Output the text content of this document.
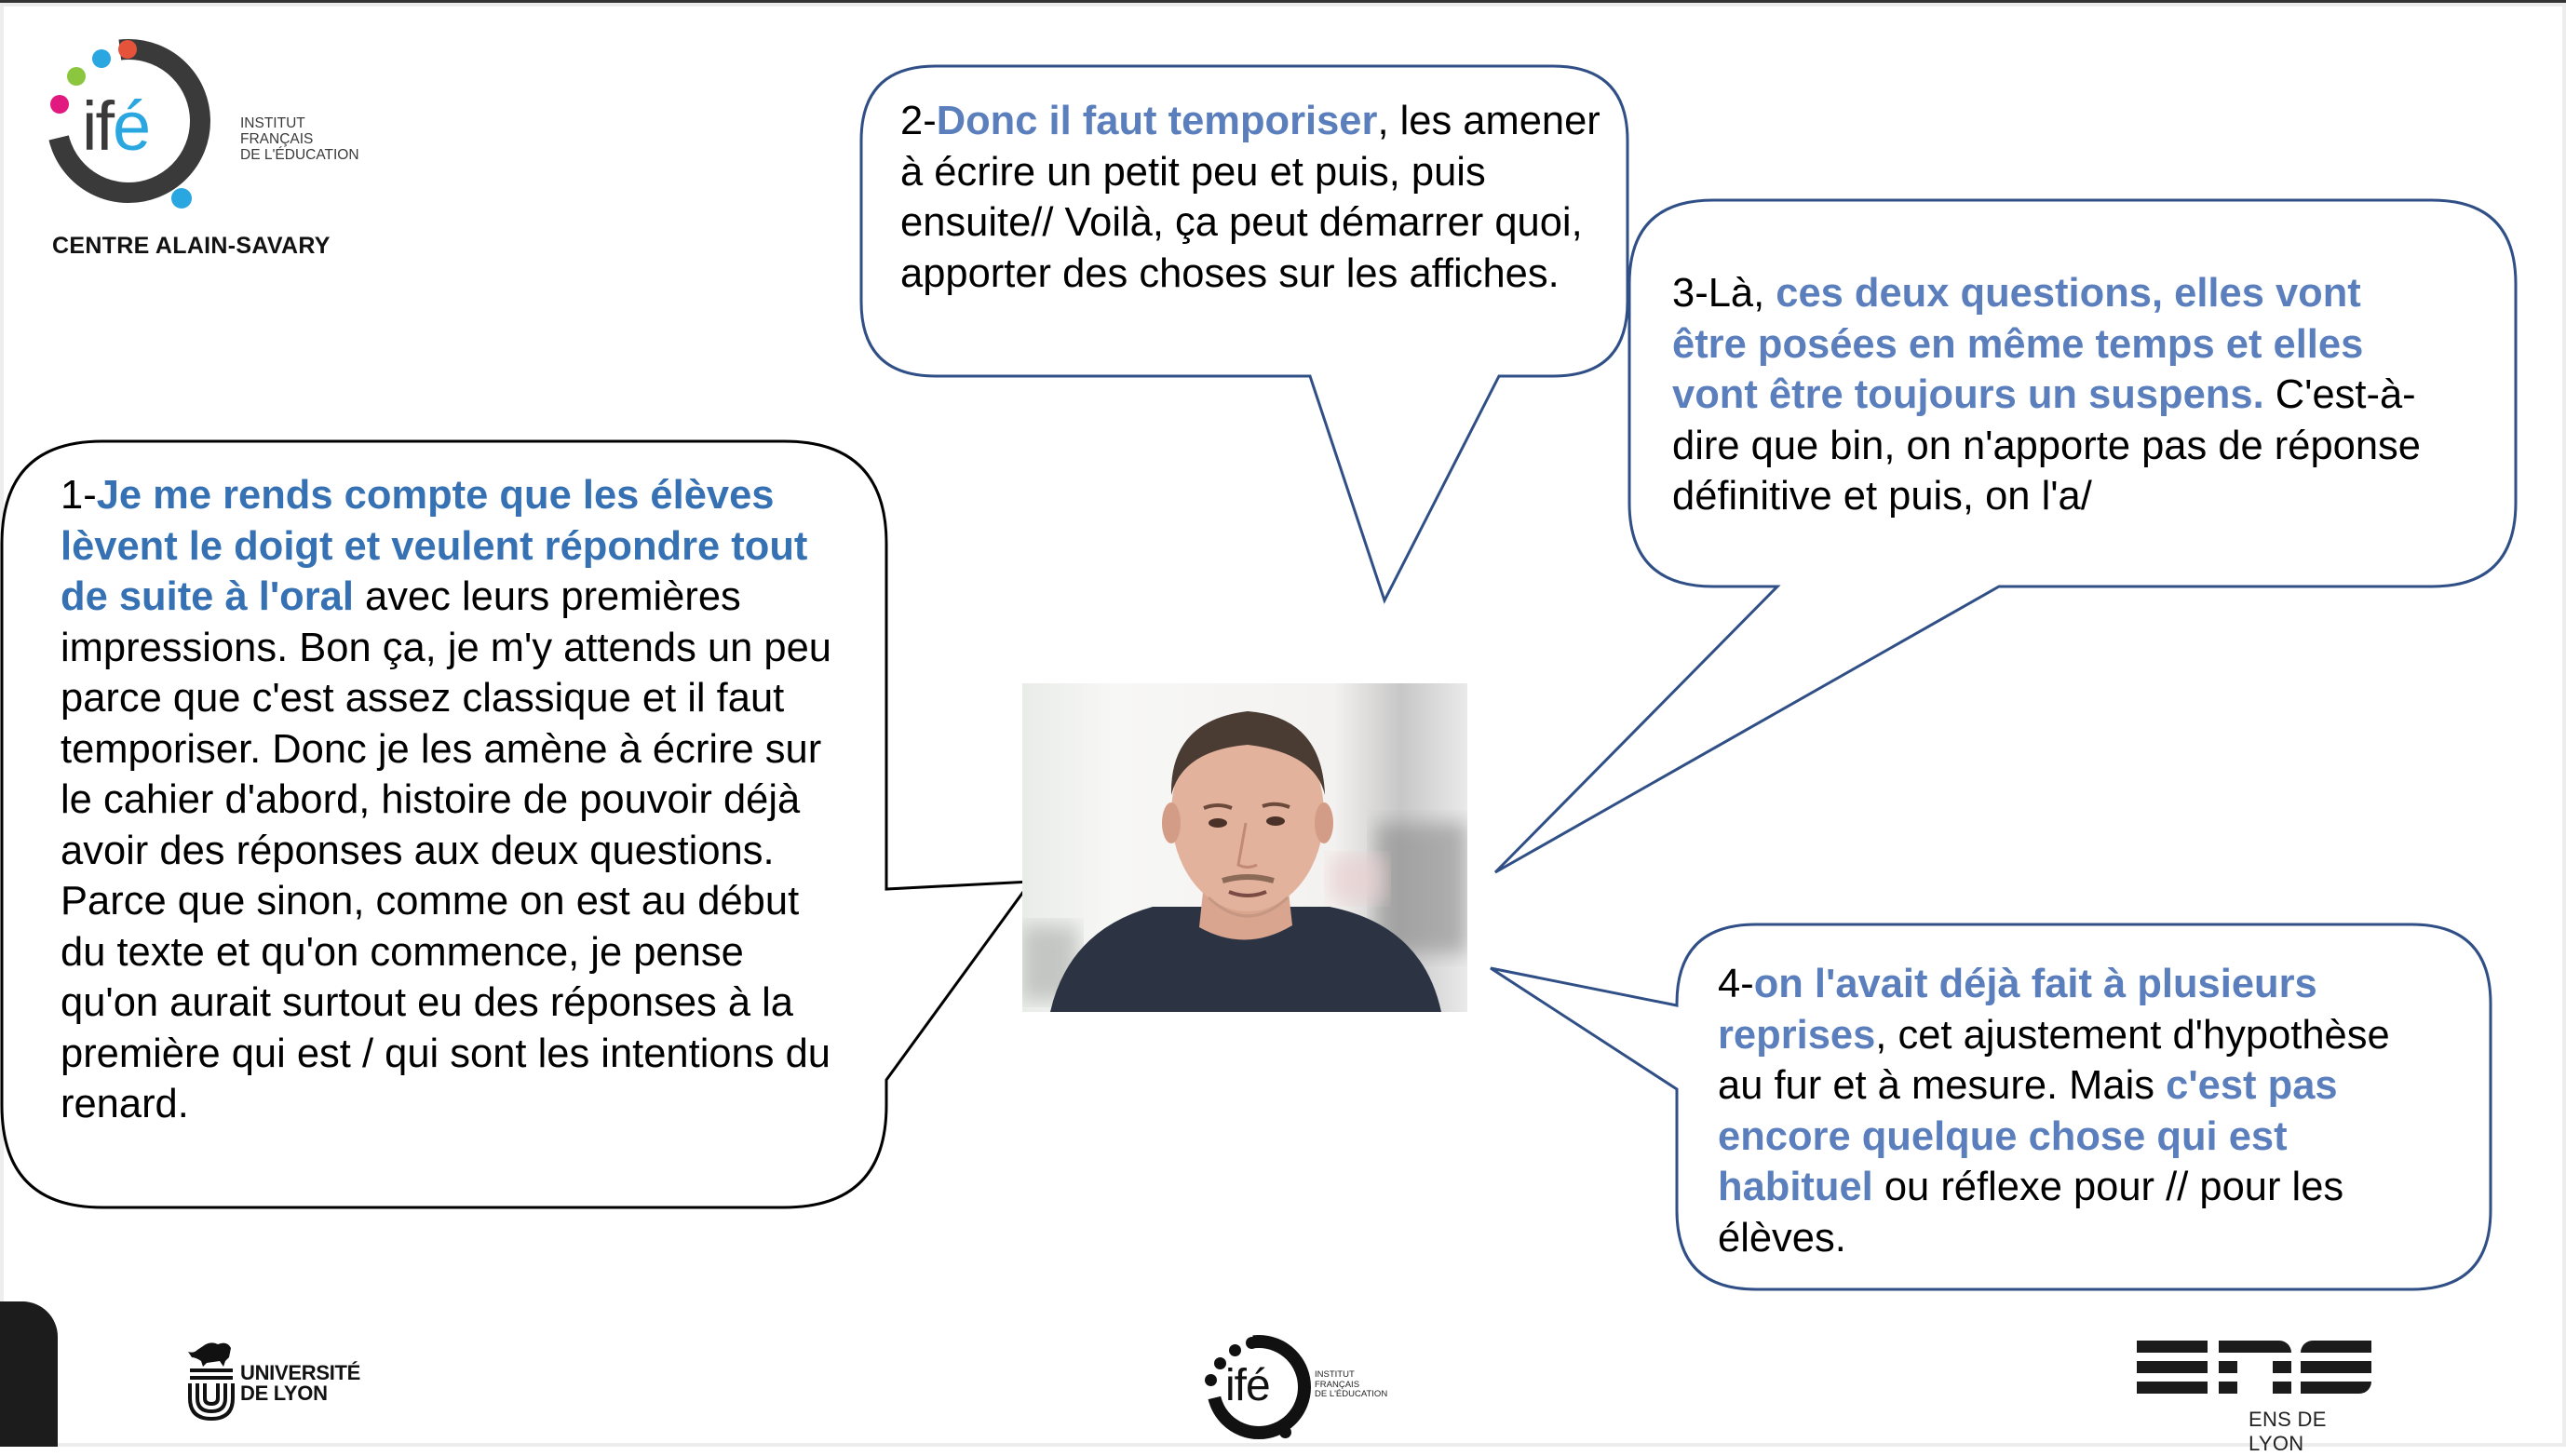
1-Je me rends compte que les élèves lèvent le doigt et veulent répondre tout de suite à l'oral avec leurs premières impressions. Bon ça, je m'y attends un peu parce que c'est assez classique et il faut temporiser. Donc je les amène à écrire sur le cahier d'abord, histoire de pouvoir déjà avoir des réponses aux deux questions. Parce que sinon, comme on est au début du texte et qu'on commence, je pense qu'on aurait surtout eu des réponses à la première qui est / qui sont les intentions du renard.
2-Donc il faut temporiser, les amener à écrire un petit peu et puis, puis ensuite// Voilà, ça peut démarrer quoi, apporter des choses sur les affiches.	3-Là, ces deux questions, elles vont être posées en même temps et elles vont être toujours un suspens. C'est-à-dire que bin, on n'apporte pas de réponse définitive et puis, on l'a/
4-on l'avait déjà fait à plusieurs reprises, cet ajustement d'hypothèse au fur et à mesure. Mais c'est pas encore quelque chose qui est habituel ou réflexe pour // pour les élèves.
ifé	INSTITUT
FRANÇAIS
DE L'ÉDUCATION
CENTRE ALAIN-SAVARY
UNIVERSITÉ
DE LYON	ifé	INSTITUT
FRANÇAIS
DE L'ÉDUCATION
ENS DE LYON
